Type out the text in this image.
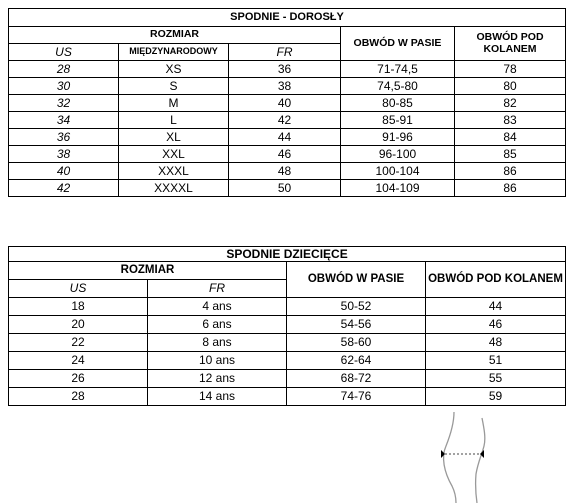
SPODNIE - DOROSŁY				
ROZMIAR			OBWÓD W PASIE	OBWÓD POD KOLANEM
US	MIĘDZYNARODOWY	FR		
28	XS	36	71-74,5	78
30	S	38	74,5-80	80
32	M	40	80-85	82
34	L	42	85-91	83
36	XL	44	91-96	84
38	XXL	46	96-100	85
40	XXXL	48	100-104	86
42	XXXXL	50	104-109	86
SPODNIE DZIECIĘCE			
ROZMIAR		OBWÓD W PASIE	OBWÓD POD KOLANEM
US	FR		
18	4 ans	50-52	44
20	6 ans	54-56	46
22	8 ans	58-60	48
24	10 ans	62-64	51
26	12 ans	68-72	55
28	14 ans	74-76	59
